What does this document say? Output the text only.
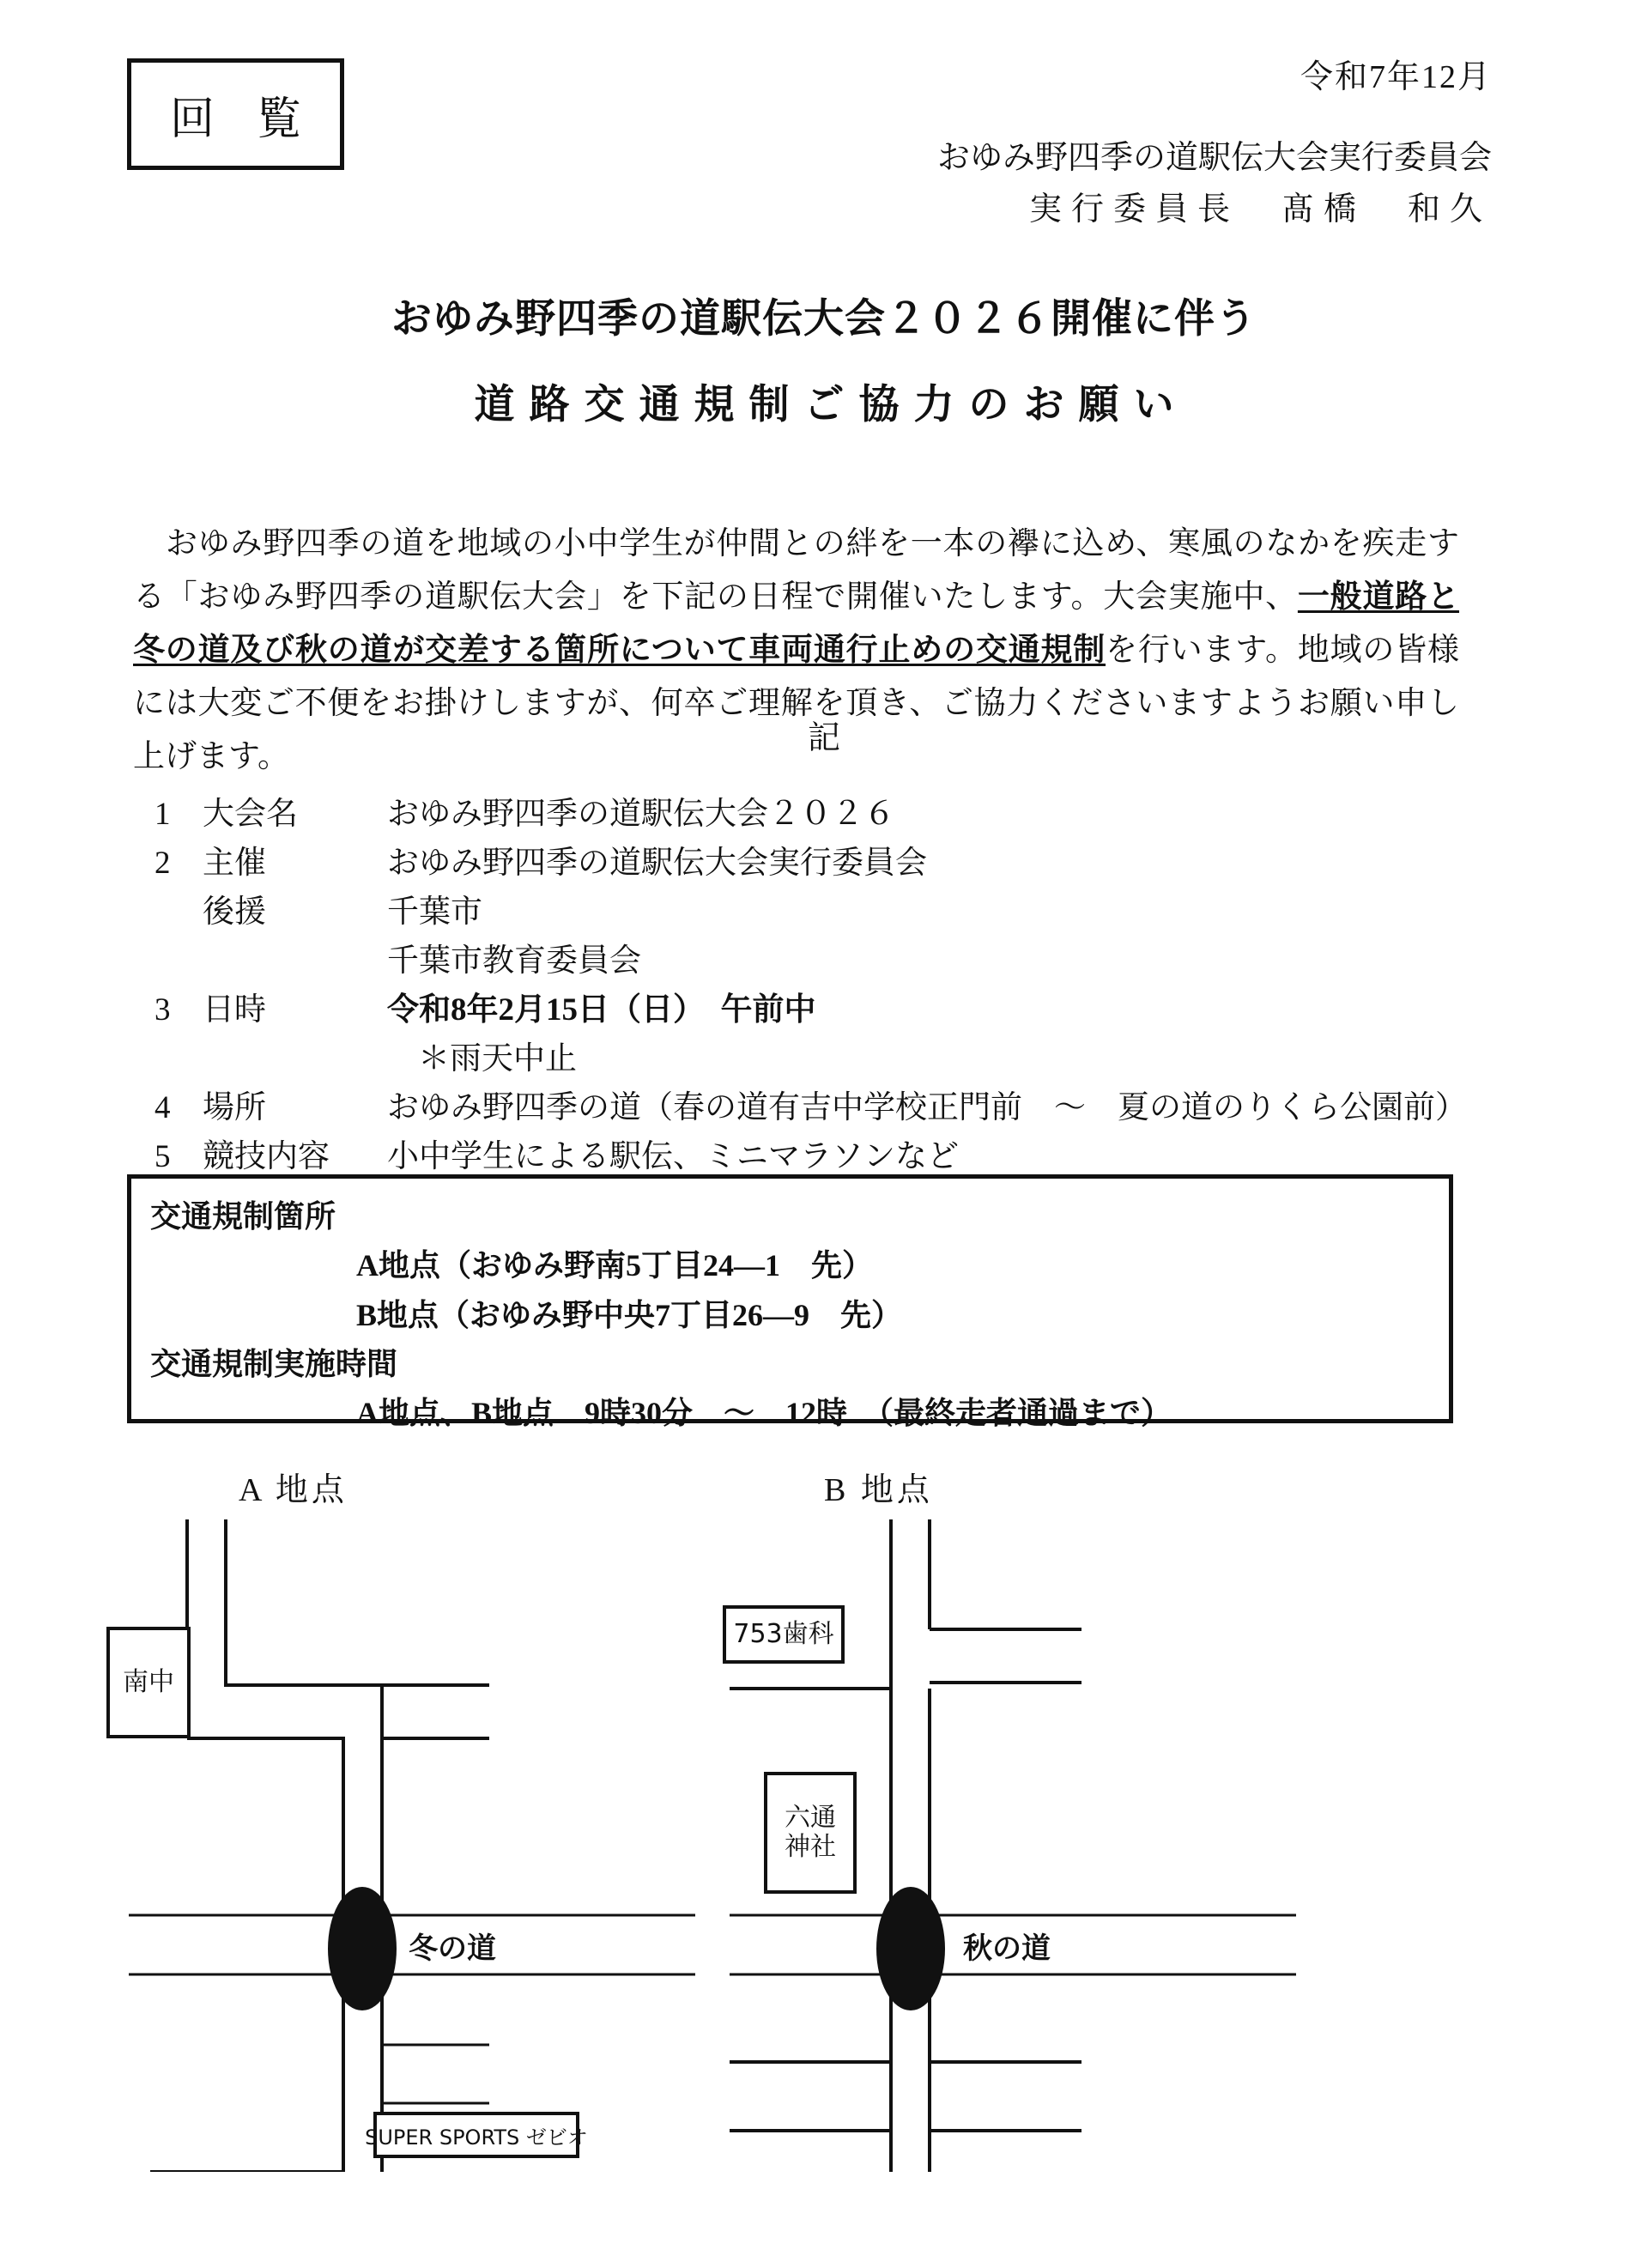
回 覧
令和7年12月
おゆみ野四季の道駅伝大会実行委員会
実行委員長　髙橋　和久
おゆみ野四季の道駅伝大会２０２６開催に伴う
道路交通規制ご協力のお願い

おゆみ野四季の道を地域の小中学生が仲間との絆を一本の襷に込め、寒風のなかを疾走する「おゆみ野四季の道駅伝大会」を下記の日程で開催いたします。大会実施中、一般道路と冬の道及び秋の道が交差する箇所について車両通行止めの交通規制を行います。地域の皆様には大変ご不便をお掛けしますが、何卒ご理解を頂き、ご協力くださいますようお願い申し上げます。

記
1	大会名	おゆみ野四季の道駅伝大会２０２６
2	主催	おゆみ野四季の道駅伝大会実行委員会
後援	千葉市
千葉市教育委員会
3	日時	令和8年2月15日（日）　午前中
＊雨天中止
4	場所	おゆみ野四季の道（春の道有吉中学校正門前　～　夏の道のりくら公園前）
5	競技内容	小中学生による駅伝、ミニマラソンなど
交通規制箇所
A地点（おゆみ野南5丁目24—1　先）
B地点（おゆみ野中央7丁目26—9　先）
交通規制実施時間
A地点、B地点　9時30分　～　12時　（最終走者通過まで）
A 地点	B 地点
南中
冬の道
SUPER SPORTS ゼビオ
753歯科
六通
神社
秋の道
